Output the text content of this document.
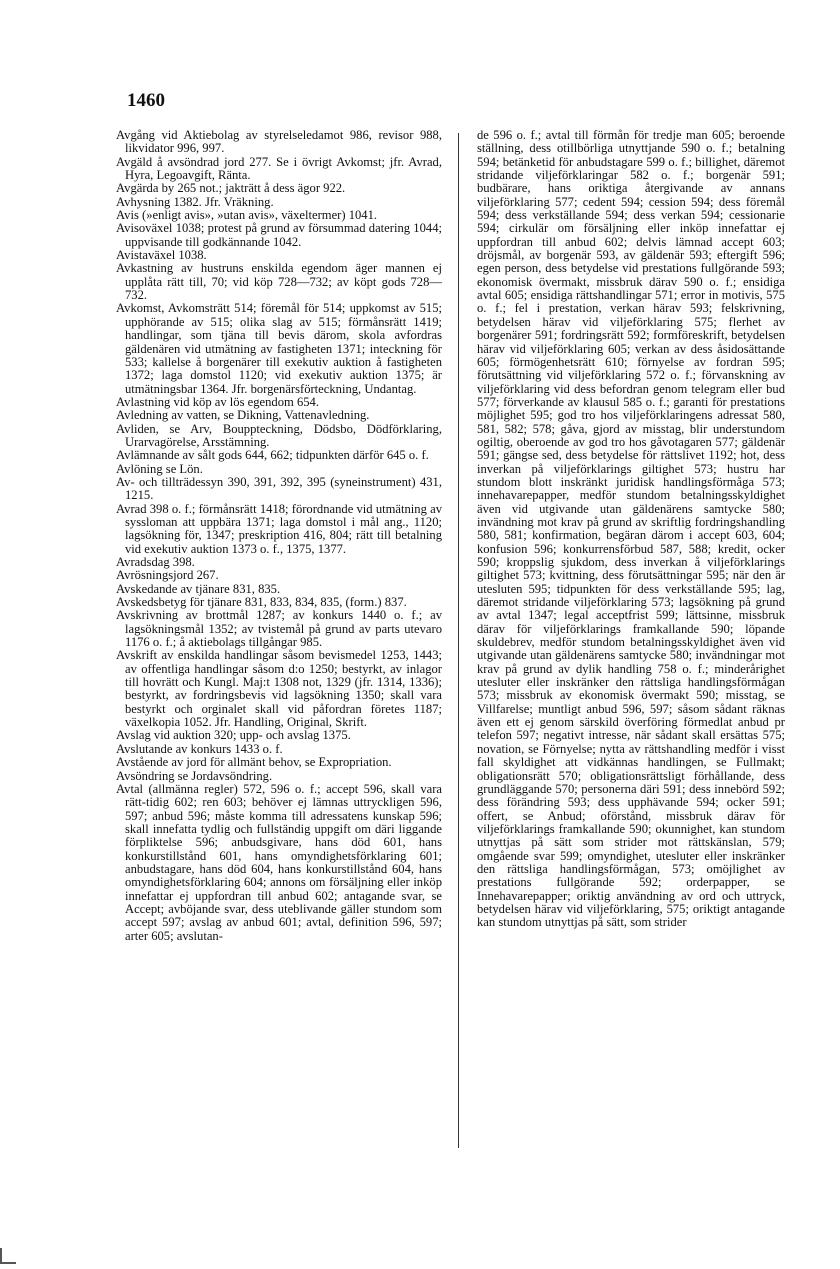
1460

Avgång vid Aktiebolag av styrelseledamot 986, revisor 988, likvidator 996, 997.

Avgäld å avsöndrad jord 277. Se i övrigt Avkomst; jfr. Avrad, Hyra, Legoavgift, Ränta.

Avgärda by 265 not.; jakträtt å dess ägor 922.

Avhysning 1382. Jfr. Vräkning.

Avis (»enligt avis», »utan avis», växeltermer) 1041.

Avisoväxel 1038; protest på grund av försummad datering 1044; uppvisande till godkännande 1042.

Avistaväxel 1038.

Avkastning av hustruns enskilda egendom äger mannen ej upplåta rätt till, 70; vid köp 728—732; av köpt gods 728—732.

Avkomst, Avkomsträtt 514; föremål för 514; uppkomst av 515; upphörande av 515; olika slag av 515; förmånsrätt 1419; handlingar, som tjäna till bevis därom, skola avfordras gäldenären vid utmätning av fastigheten 1371; inteckning för 533; kallelse å borgenärer till exekutiv auktion å fastigheten 1372; laga domstol 1120; vid exekutiv auktion 1375; är utmätningsbar 1364. Jfr. borgenärsförteckning, Undantag.

Avlastning vid köp av lös egendom 654.

Avledning av vatten, se Dikning, Vattenavledning.

Avliden, se Arv, Bouppteckning, Dödsbo, Dödförklaring, Urarvagörelse, Arsstämning.

Avlämnande av sålt gods 644, 662; tidpunkten därför 645 o. f.

Avlöning se Lön.

Av- och tillträdessyn 390, 391, 392, 395 (syneinstrument) 431, 1215.

Avrad 398 o. f.; förmånsrätt 1418; förordnande vid utmätning av syssloman att uppbära 1371; laga domstol i mål ang., 1120; lagsökning för, 1347; preskription 416, 804; rätt till betalning vid exekutiv auktion 1373 o. f., 1375, 1377.

Avradsdag 398.

Avrösningsjord 267.

Avskedande av tjänare 831, 835.

Avskedsbetyg för tjänare 831, 833, 834, 835, (form.) 837.

Avskrivning av brottmål 1287; av konkurs 1440 o. f.; av lagsökningsmål 1352; av tvistemål på grund av parts utevaro 1176 o. f.; å aktiebolags tillgångar 985.

Avskrift av enskilda handlingar såsom bevismedel 1253, 1443; av offentliga handlingar såsom d:o 1250; bestyrkt, av inlagor till hovrätt och Kungl. Maj:t 1308 not, 1329 (jfr. 1314, 1336); bestyrkt, av fordringsbevis vid lagsökning 1350; skall vara bestyrkt och orginalet skall vid påfordran företes 1187; växelkopia 1052. Jfr. Handling, Original, Skrift.

Avslag vid auktion 320; upp- och avslag 1375.

Avslutande av konkurs 1433 o. f.

Avstående av jord för allmänt behov, se Expropriation.

Avsöndring se Jordavsöndring.

Avtal (allmänna regler) 572, 596 o. f.; accept 596, skall vara rätt-tidig 602; ren 603; behöver ej lämnas uttryckligen 596, 597; anbud 596; måste komma till adressatens kunskap 596; skall innefatta tydlig och fullständig uppgift om däri liggande förpliktelse 596; anbudsgivare, hans död 601, hans konkurstillstånd 601, hans omyndighetsförklaring 601; anbudstagare, hans död 604, hans konkurstillstånd 604, hans omyndighetsförklaring 604; annons om försäljning eller inköp innefattar ej uppfordran till anbud 602; antagande svar, se Accept; avböjande svar, dess uteblivande gäller stundom som accept 597; avslag av anbud 601; avtal, definition 596, 597; arter 605; avslutan-

de 596 o. f.; avtal till förmån för tredje man 605; beroende ställning, dess otillbörliga utnyttjande 590 o. f.; betalning 594; betänketid för anbudstagare 599 o. f.; billighet, däremot stridande viljeförklaringar 582 o. f.; borgenär 591; budbärare, hans oriktiga återgivande av annans viljeförklaring 577; cedent 594; cession 594; dess föremål 594; dess verkställande 594; dess verkan 594; cessionarie 594; cirkulär om försäljning eller inköp innefattar ej uppfordran till anbud 602; delvis lämnad accept 603; dröjsmål, av borgenär 593, av gäldenär 593; eftergift 596; egen person, dess betydelse vid prestations fullgörande 593; ekonomisk övermakt, missbruk därav 590 o. f.; ensidiga avtal 605; ensidiga rättshandlingar 571; error in motivis, 575 o. f.; fel i prestation, verkan härav 593; felskrivning, betydelsen härav vid viljeförklaring 575; flerhet av borgenärer 591; fordringsrätt 592; formföreskrift, betydelsen härav vid viljeförklaring 605; verkan av dess åsidosättande 605; förmögenhetsrätt 610; förnyelse av fordran 595; förutsättning vid viljeförklaring 572 o. f.; förvanskning av viljeförklaring vid dess befordran genom telegram eller bud 577; förverkande av klausul 585 o. f.; garanti för prestations möjlighet 595; god tro hos viljeförklaringens adressat 580, 581, 582; 578; gåva, gjord av misstag, blir understundom ogiltig, oberoende av god tro hos gåvotagaren 577; gäldenär 591; gängse sed, dess betydelse för rättslivet 1192; hot, dess inverkan på viljeförklarings giltighet 573; hustru har stundom blott inskränkt juridisk handlingsförmåga 573; innehavarepapper, medför stundom betalningsskyldighet även vid utgivande utan gäldenärens samtycke 580; invändning mot krav på grund av skriftlig fordringshandling 580, 581; konfirmation, begäran därom i accept 603, 604; konfusion 596; konkurrensförbud 587, 588; kredit, ocker 590; kroppslig sjukdom, dess inverkan å viljeförklarings giltighet 573; kvittning, dess förutsättningar 595; när den är utesluten 595; tidpunkten för dess verkställande 595; lag, däremot stridande viljeförklaring 573; lagsökning på grund av avtal 1347; legal acceptfrist 599; lättsinne, missbruk därav för viljeförklarings framkallande 590; löpande skuldebrev, medför stundom betalningsskyldighet även vid utgivande utan gäldenärens samtycke 580; invändningar mot krav på grund av dylik handling 758 o. f.; minderårighet utesluter eller inskränker den rättsliga handlingsförmågan 573; missbruk av ekonomisk övermakt 590; misstag, se Villfarelse; muntligt anbud 596, 597; såsom sådant räknas även ett ej genom särskild överföring förmedlat anbud pr telefon 597; negativt intresse, när sådant skall ersättas 575; novation, se Förnyelse; nytta av rättshandling medför i visst fall skyldighet att vidkännas handlingen, se Fullmakt; obligationsrätt 570; obligationsrättsligt förhållande, dess grundläggande 570; personerna däri 591; dess innebörd 592; dess förändring 593; dess upphävande 594; ocker 591; offert, se Anbud; oförstånd, missbruk därav för viljeförklarings framkallande 590; okunnighet, kan stundom utnyttjas på sätt som strider mot rättskänslan, 579; omgående svar 599; omyndighet, utesluter eller inskränker den rättsliga handlingsförmågan, 573; omöjlighet av prestations fullgörande 592; orderpapper, se Innehavarepapper; oriktig användning av ord och uttryck, betydelsen härav vid viljeförklaring, 575; oriktigt antagande kan stundom utnyttjas på sätt, som strider
